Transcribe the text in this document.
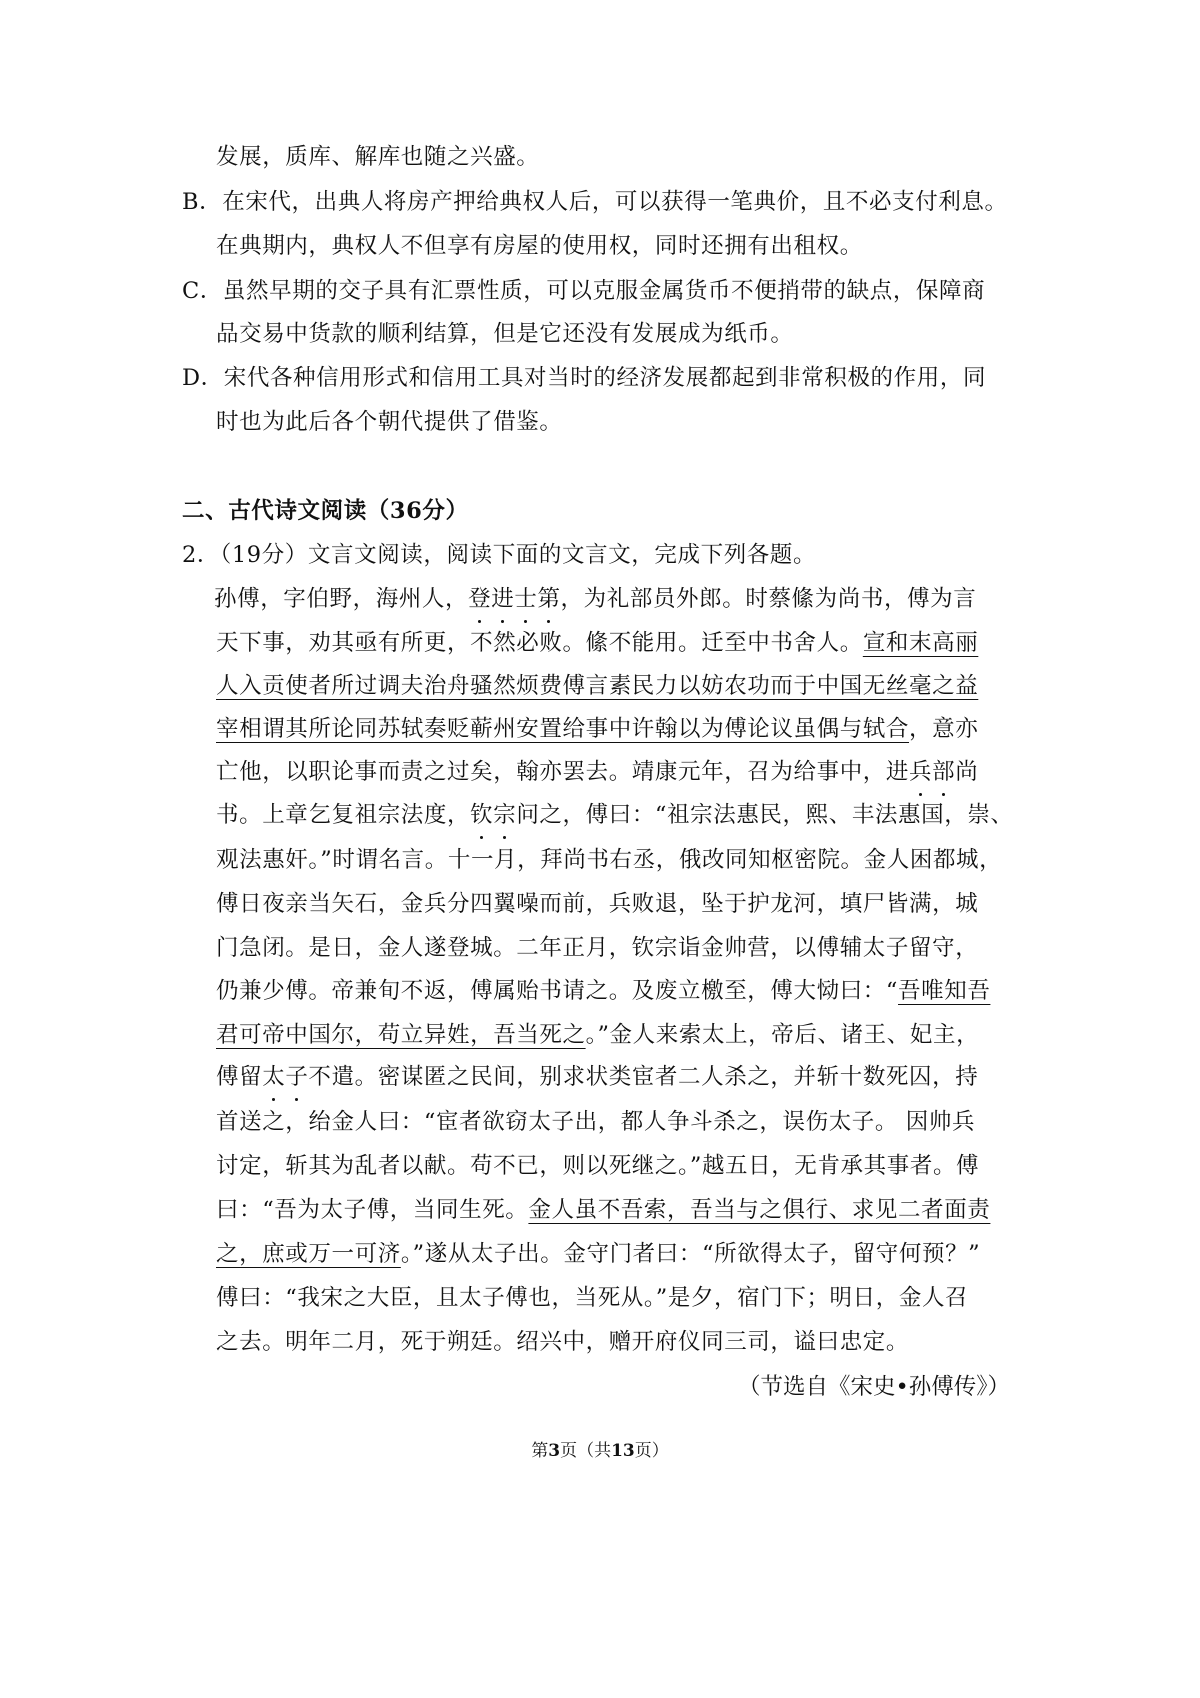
发展，质库、解库也随之兴盛。
B．在宋代，出典人将房产押给典权人后，可以获得一笔典价，且不必支付利息。
在典期内，典权人不但享有房屋的使用权，同时还拥有出租权。
C．虽然早期的交子具有汇票性质，可以克服金属货币不便捎带的缺点，保障商
品交易中货款的顺利结算，但是它还没有发展成为纸币。
D．宋代各种信用形式和信用工具对当时的经济发展都起到非常积极的作用，同
时也为此后各个朝代提供了借鉴。
二、古代诗文阅读（36分）
2．（19分）文言文阅读，阅读下面的文言文，完成下列各题。
孙傅，字伯野，海州人，登进士第，为礼部员外郎。时蔡絛为尚书，傅为言
天下事，劝其亟有所更，不然必败。絛不能用。迁至中书舍人。宣和末高丽
人入贡使者所过调夫治舟骚然烦费傅言素民力以妨农功而于中国无丝毫之益
宰相谓其所论同苏轼奏贬蕲州安置给事中许翰以为傅论议虽偶与轼合，意亦
亡他，以职论事而责之过矣，翰亦罢去。靖康元年，召为给事中，进兵部尚
书。上章乞复祖宗法度，钦宗问之，傅曰：“祖宗法惠民，熙、丰法惠国，崇、
观法惠奸。”时谓名言。十一月，拜尚书右丞，俄改同知枢密院。金人困都城，
傅日夜亲当矢石，金兵分四翼噪而前，兵败退，坠于护龙河，填尸皆满，城
门急闭。是日，金人遂登城。二年正月，钦宗诣金帅营，以傅辅太子留守，
仍兼少傅。帝兼旬不返，傅属贻书请之。及废立檄至，傅大恸曰：“吾唯知吾
君可帝中国尔，苟立异姓，吾当死之。”金人来索太上，帝后、诸王、妃主，
傅留太子不遣。密谋匿之民间，别求状类宦者二人杀之，并斩十数死囚，持
首送之，绐金人曰：“宦者欲窃太子出，都人争斗杀之，误伤太子。 因帅兵
讨定，斩其为乱者以献。苟不已，则以死继之。”越五日，无肯承其事者。傅
曰：“吾为太子傅，当同生死。金人虽不吾索，吾当与之俱行、求见二者面责
之，庶或万一可济。”遂从太子出。金守门者曰：“所欲得太子，留守何预？”
傅曰：“我宋之大臣，且太子傅也，当死从。”是夕，宿门下；明日，金人召
之去。明年二月，死于朔廷。绍兴中，赠开府仪同三司，谥曰忠定。
（节选自《宋史•孙傅传》）
第3页（共13页）
